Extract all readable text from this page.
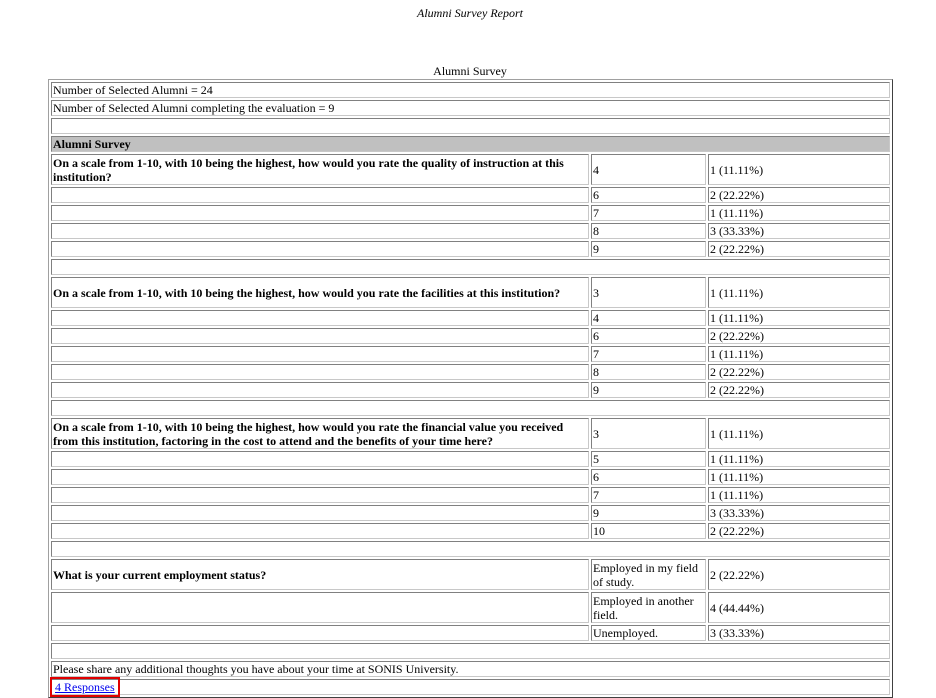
Alumni Survey Report
Alumni Survey
Number of Selected Alumni = 24		
Number of Selected Alumni completing the evaluation = 9		

Alumni Survey		
On a scale from 1-10, with 10 being the highest, how would you rate the quality of instruction at this institution?	4	1 (11.11%)
	6	2 (22.22%)
	7	1 (11.11%)
	8	3 (33.33%)
	9	2 (22.22%)

On a scale from 1-10, with 10 being the highest, how would you rate the facilities at this institution?	3	1 (11.11%)
	4	1 (11.11%)
	6	2 (22.22%)
	7	1 (11.11%)
	8	2 (22.22%)
	9	2 (22.22%)

On a scale from 1-10, with 10 being the highest, how would you rate the financial value you received from this institution, factoring in the cost to attend and the benefits of your time here?	3	1 (11.11%)
	5	1 (11.11%)
	6	1 (11.11%)
	7	1 (11.11%)
	9	3 (33.33%)
	10	2 (22.22%)

What is your current employment status?	Employed in my field of study.	2 (22.22%)
	Employed in another field.	4 (44.44%)
	Unemployed.	3 (33.33%)

Please share any additional thoughts you have about your time at SONIS University.		
4 Responses		
